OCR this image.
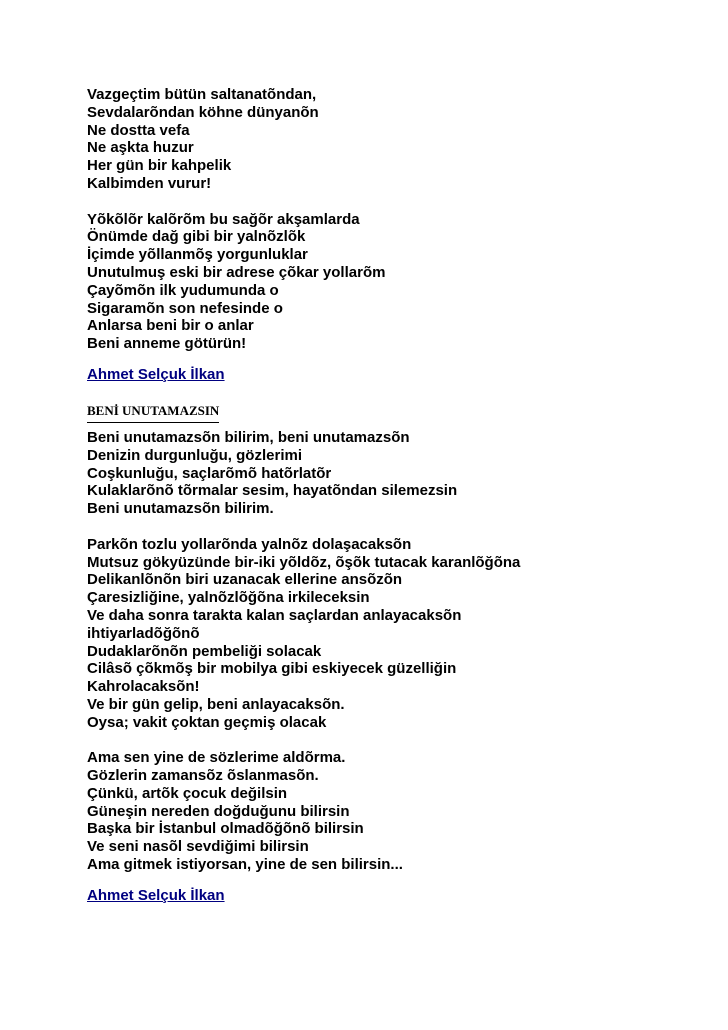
Vazgeçtim bütün saltanatõndan,
Sevdalarõndan köhne dünyanõn
Ne dostta vefa
Ne aşkta huzur
Her gün bir kahpelik
Kalbimden vurur!
Yõkõlõr kalõrõm bu sağõr akşamlarda
Önümde dağ gibi bir yalnõzlõk
İçimde yõllanmõş yorgunluklar
Unutulmuş eski bir adrese çõkar yollarõm
Çayõmõn ilk yudumunda o
Sigaramõn son nefesinde o
Anlarsa beni bir o anlar
Beni anneme götürün!
Ahmet Selçuk İlkan
BENİ UNUTAMAZSIN
Beni unutamazsõn bilirim, beni unutamazsõn
Denizin durgunluğu, gözlerimi
Coşkunluğu, saçlarõmõ hatõrlatõr
Kulaklarõnõ tõrmalar sesim, hayatõndan silemezsin
Beni unutamazsõn bilirim.
Parkõn tozlu yollarõnda yalnõz dolaşacaksõn
Mutsuz gökyüzünde bir-iki yõldõz, õşõk tutacak karanlõğõna
Delikanlõnõn biri uzanacak ellerine ansõzõn
Çaresizliğine, yalnõzlõğõna irkileceksin
Ve daha sonra tarakta kalan saçlardan anlayacaksõn
ihtiyarladõğõnõ
Dudaklarõnõn pembeliği solacak
Cilâsõ çõkmõş bir mobilya gibi eskiyecek güzelliğin
Kahrolacaksõn!
Ve bir gün gelip, beni anlayacaksõn.
Oysa; vakit çoktan geçmiş olacak
Ama sen yine de sözlerime aldõrma.
Gözlerin zamansõz õslanmasõn.
Çünkü, artõk çocuk değilsin
Güneşin nereden doğduğunu bilirsin
Başka bir İstanbul olmadõğõnõ bilirsin
Ve seni nasõl sevdiğimi bilirsin
Ama gitmek istiyorsan, yine de sen bilirsin...
Ahmet Selçuk İlkan
